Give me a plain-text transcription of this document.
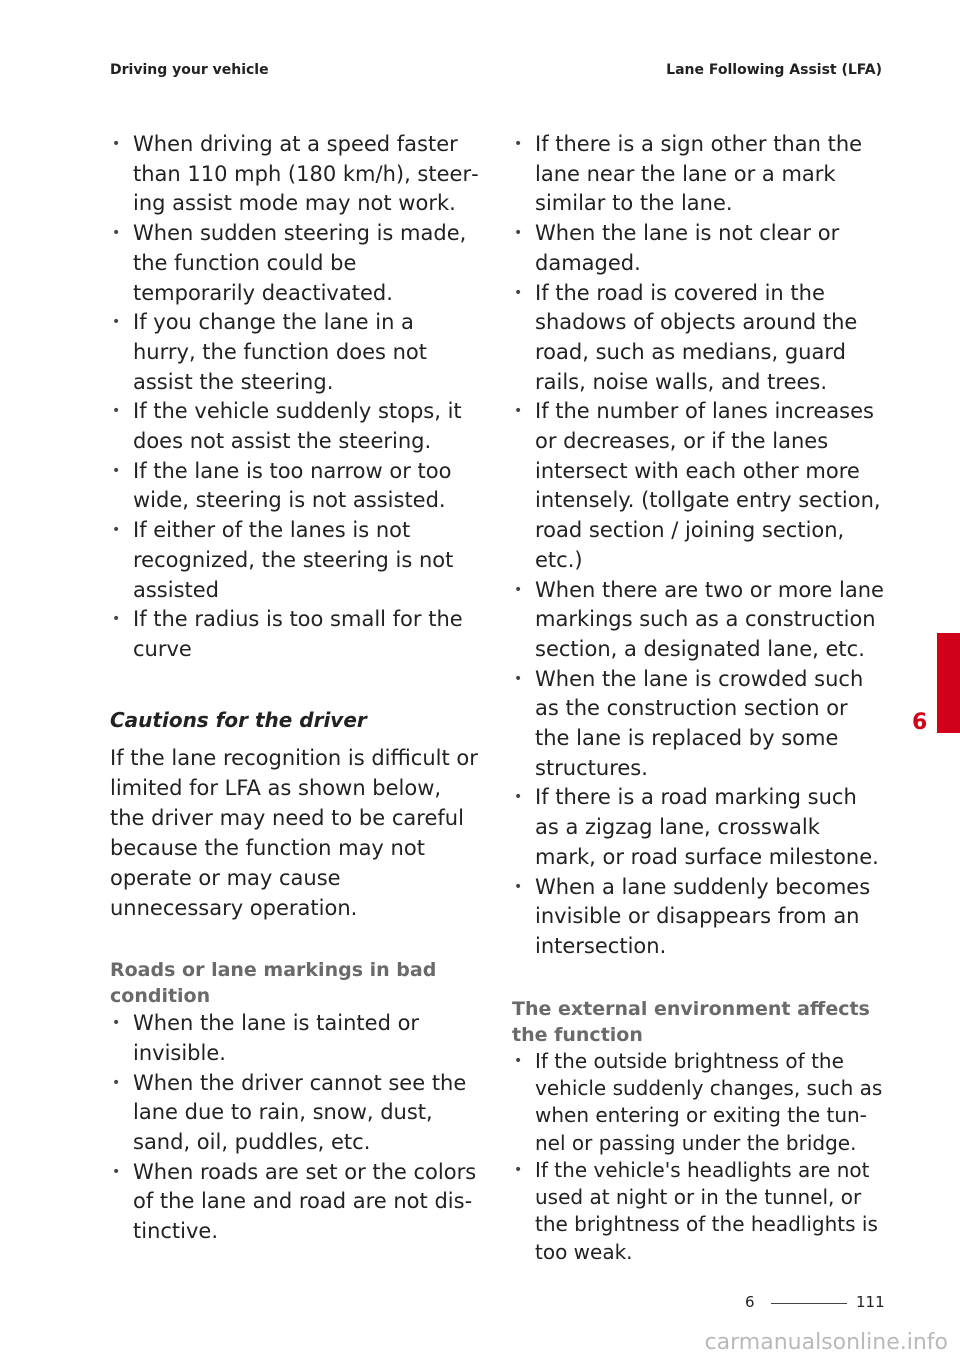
Driving your vehicle	Lane Following Assist (LFA)
• When driving at a speed faster than 110 mph (180 km/h), steering assist mode may not work.
• When sudden steering is made, the function could be temporarily deactivated.
• If you change the lane in a hurry, the function does not assist the steering.
• If the vehicle suddenly stops, it does not assist the steering.
• If the lane is too narrow or too wide, steering is not assisted.
• If either of the lanes is not recognized, the steering is not assisted
• If the radius is too small for the curve
Cautions for the driver
If the lane recognition is difficult or limited for LFA as shown below, the driver may need to be careful because the function may not operate or may cause unnecessary operation.
Roads or lane markings in bad condition
• When the lane is tainted or invisible.
• When the driver cannot see the lane due to rain, snow, dust, sand, oil, puddles, etc.
• When roads are set or the colors of the lane and road are not distinctive.
• If there is a sign other than the lane near the lane or a mark similar to the lane.
• When the lane is not clear or damaged.
• If the road is covered in the shadows of objects around the road, such as medians, guard rails, noise walls, and trees.
• If the number of lanes increases or decreases, or if the lanes intersect with each other more intensely. (tollgate entry section, road section / joining section, etc.)
• When there are two or more lane markings such as a construction section, a designated lane, etc.
• When the lane is crowded such as the construction section or the lane is replaced by some structures.
• If there is a road marking such as a zigzag lane, crosswalk mark, or road surface milestone.
• When a lane suddenly becomes invisible or disappears from an intersection.
The external environment affects the function
• If the outside brightness of the vehicle suddenly changes, such as when entering or exiting the tunnel or passing under the bridge.
• If the vehicle's headlights are not used at night or in the tunnel, or the brightness of the headlights is too weak.
6
6	111
carmanualsonline.info
